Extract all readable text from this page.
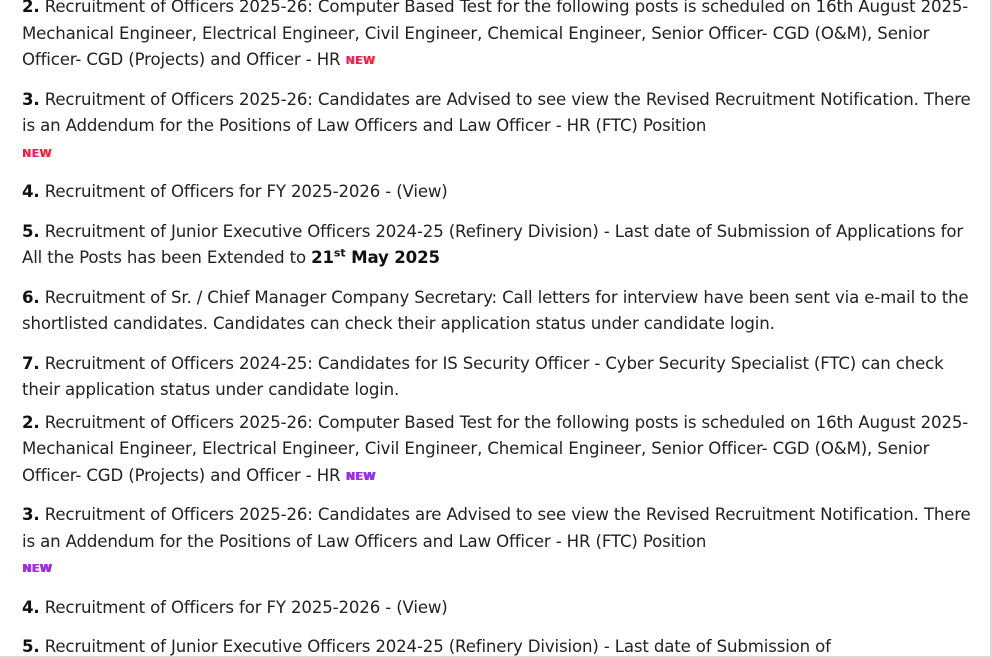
2. Recruitment of Officers 2025-26: Computer Based Test for the following posts is scheduled on 16th August 2025- Mechanical Engineer, Electrical Engineer, Civil Engineer, Chemical Engineer, Senior Officer- CGD (O&M), Senior Officer- CGD (Projects) and Officer - HR NEW
3. Recruitment of Officers 2025-26: Candidates are Advised to see view the Revised Recruitment Notification. There is an Addendum for the Positions of Law Officers and Law Officer - HR (FTC) Position
NEW
4. Recruitment of Officers for FY 2025-2026 - (View)
5. Recruitment of Junior Executive Officers 2024-25 (Refinery Division) - Last date of Submission of Applications for All the Posts has been Extended to 21st May 2025
6. Recruitment of Sr. / Chief Manager Company Secretary: Call letters for interview have been sent via e-mail to the shortlisted candidates. Candidates can check their application status under candidate login.
7. Recruitment of Officers 2024-25: Candidates for IS Security Officer - Cyber Security Specialist (FTC) can check their application status under candidate login.
2. Recruitment of Officers 2025-26: Computer Based Test for the following posts is scheduled on 16th August 2025- Mechanical Engineer, Electrical Engineer, Civil Engineer, Chemical Engineer, Senior Officer- CGD (O&M), Senior Officer- CGD (Projects) and Officer - HR NEW
3. Recruitment of Officers 2025-26: Candidates are Advised to see view the Revised Recruitment Notification. There is an Addendum for the Positions of Law Officers and Law Officer - HR (FTC) Position
NEW
4. Recruitment of Officers for FY 2025-2026 - (View)
5. Recruitment of Junior Executive Officers 2024-25 (Refinery Division) - Last date of Submission of
